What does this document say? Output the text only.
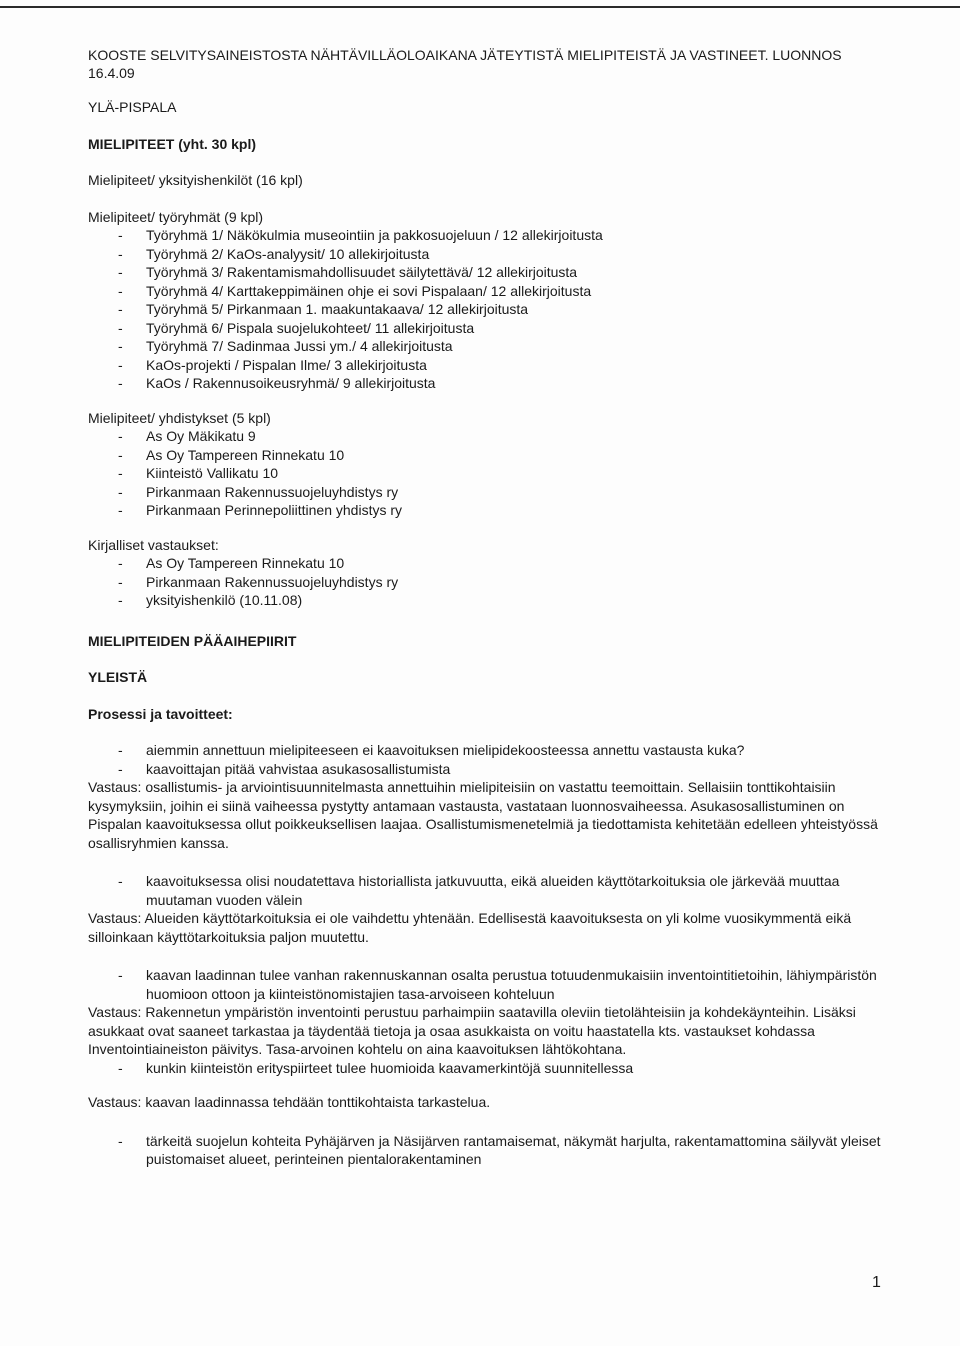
KOOSTE SELVITYSAINEISTOSTA NÄHTÄVILLÄOLOAIKANA JÄTEYTISTÄ MIELIPITEISTÄ JA VASTINEET. LUONNOS 16.4.09

YLÄ-PISPALA

MIELIPITEET (yht. 30 kpl)

Mielipiteet/ yksityishenkilöt (16 kpl)

Mielipiteet/ työryhmät (9 kpl)

- Työryhmä 1/ Näkökulmia museointiin ja pakkosuojeluun / 12 allekirjoitusta
- Työryhmä 2/ KaOs-analyysit/ 10 allekirjoitusta
- Työryhmä 3/ Rakentamismahdollisuudet säilytettävä/ 12 allekirjoitusta
- Työryhmä 4/ Karttakeppimäinen ohje ei sovi Pispalaan/ 12 allekirjoitusta
- Työryhmä 5/ Pirkanmaan 1. maakuntakaava/ 12 allekirjoitusta
- Työryhmä 6/ Pispala suojelukohteet/ 11 allekirjoitusta
- Työryhmä 7/ Sadinmaa Jussi ym./ 4 allekirjoitusta
- KaOs-projekti / Pispalan Ilme/ 3 allekirjoitusta
- KaOs / Rakennusoikeusryhmä/ 9 allekirjoitusta

Mielipiteet/ yhdistykset (5 kpl)

- As Oy Mäkikatu 9
- As Oy Tampereen Rinnekatu 10
- Kiinteistö Vallikatu 10
- Pirkanmaan Rakennussuojeluyhdistys ry
- Pirkanmaan Perinnepoliittinen yhdistys ry

Kirjalliset vastaukset:

- As Oy Tampereen Rinnekatu 10
- Pirkanmaan Rakennussuojeluyhdistys ry
- yksityishenkilö (10.11.08)

MIELIPITEIDEN PÄÄAIHEPIIRIT

YLEISTÄ

Prosessi ja tavoitteet:

- aiemmin annettuun mielipiteeseen ei kaavoituksen mielipidekoosteessa annettu vastausta kuka?
- kaavoittajan pitää vahvistaa asukasosallistumista

Vastaus: osallistumis- ja arviointisuunnitelmasta annettuihin mielipiteisiin on vastattu teemoittain. Sellaisiin tonttikohtaisiin kysymyksiin, joihin ei siinä vaiheessa pystytty antamaan vastausta, vastataan luonnosvaiheessa. Asukasosallistuminen on Pispalan kaavoituksessa ollut poikkeuksellisen laajaa. Osallistumismenetelmiä ja tiedottamista kehitetään edelleen yhteistyössä osallisryhmien kanssa.

- kaavoituksessa olisi noudatettava historiallista jatkuvuutta, eikä alueiden käyttötarkoituksia ole järkevää muuttaa muutaman vuoden välein

Vastaus: Alueiden käyttötarkoituksia ei ole vaihdettu yhtenään. Edellisestä kaavoituksesta on yli kolme vuosikymmentä eikä silloinkaan käyttötarkoituksia paljon muutettu.

- kaavan laadinnan tulee vanhan rakennuskannan osalta perustua totuudenmukaisiin inventointitietoihin, lähiympäristön huomioon ottoon ja kiinteistönomistajien tasa-arvoiseen kohteluun

Vastaus: Rakennetun ympäristön inventointi perustuu parhaimpiin saatavilla oleviin tietolähteisiin ja kohdekäynteihin. Lisäksi asukkaat ovat saaneet tarkastaa ja täydentää tietoja ja osaa asukkaista on voitu haastatella kts. vastaukset kohdassa Inventointiaineiston päivitys. Tasa-arvoinen kohtelu on aina kaavoituksen lähtökohtana.

- kunkin kiinteistön erityspiirteet tulee huomioida kaavamerkintöjä suunnitellessa

Vastaus: kaavan laadinnassa tehdään tonttikohtaista tarkastelua.

- tärkeitä suojelun kohteita Pyhäjärven ja Näsijärven rantamaisemat, näkymät harjulta, rakentamattomina säilyvät yleiset puistomaiset alueet, perinteinen pientalorakentaminen
1
